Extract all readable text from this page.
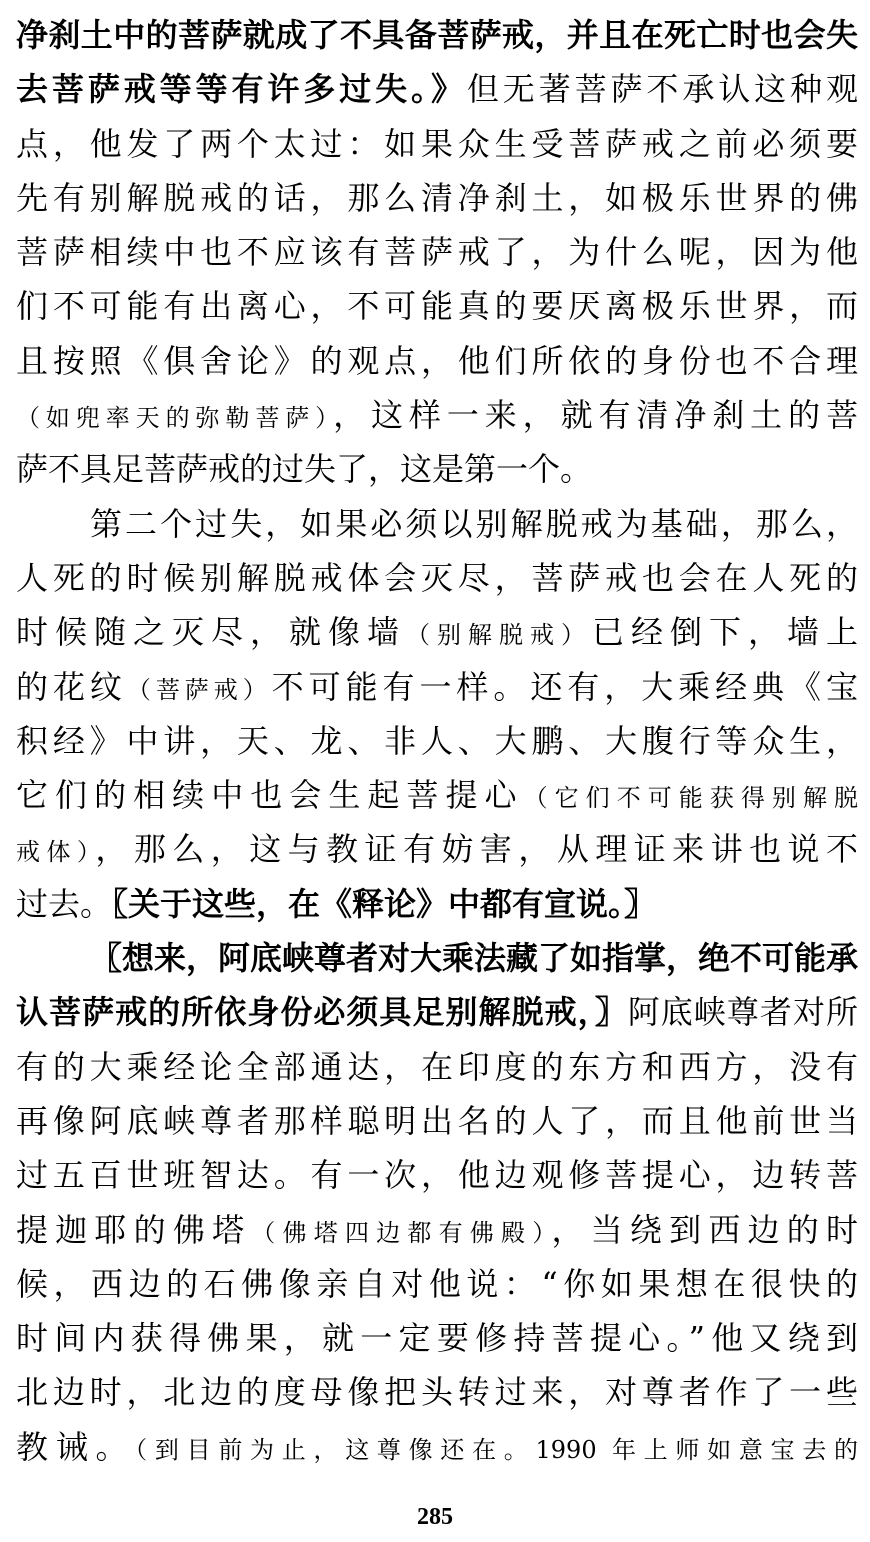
净刹土中的菩萨就成了不具备菩萨戒，并且在死亡时也会失
去菩萨戒等等有许多过失。》但无著菩萨不承认这种观
点，他发了两个太过：如果众生受菩萨戒之前必须要
先有别解脱戒的话，那么清净刹土，如极乐世界的佛
菩萨相续中也不应该有菩萨戒了，为什么呢，因为他
们不可能有出离心，不可能真的要厌离极乐世界，而
且按照《俱舍论》的观点，他们所依的身份也不合理
（如兜率天的弥勒菩萨），这样一来，就有清净刹土的菩
萨不具足菩萨戒的过失了，这是第一个。
第二个过失，如果必须以别解脱戒为基础，那么，
人死的时候别解脱戒体会灭尽，菩萨戒也会在人死的
时候随之灭尽，就像墙（别解脱戒）已经倒下，墙上
的花纹（菩萨戒）不可能有一样。还有，大乘经典《宝
积经》中讲，天、龙、非人、大鹏、大腹行等众生，
它们的相续中也会生起菩提心（它们不可能获得别解脱
戒体），那么，这与教证有妨害，从理证来讲也说不
过去。〖关于这些，在《释论》中都有宣说。〗
〖想来，阿底峡尊者对大乘法藏了如指掌，绝不可能承
认菩萨戒的所依身份必须具足别解脱戒，〗阿底峡尊者对所
有的大乘经论全部通达，在印度的东方和西方，没有
再像阿底峡尊者那样聪明出名的人了，而且他前世当
过五百世班智达。有一次，他边观修菩提心，边转菩
提迦耶的佛塔（佛塔四边都有佛殿），当绕到西边的时
候，西边的石佛像亲自对他说：“你如果想在很快的
时间内获得佛果，就一定要修持菩提心。”他又绕到
北边时，北边的度母像把头转过来，对尊者作了一些
教诫。（到目前为止，这尊像还在。1990 年上师如意宝去的
285
